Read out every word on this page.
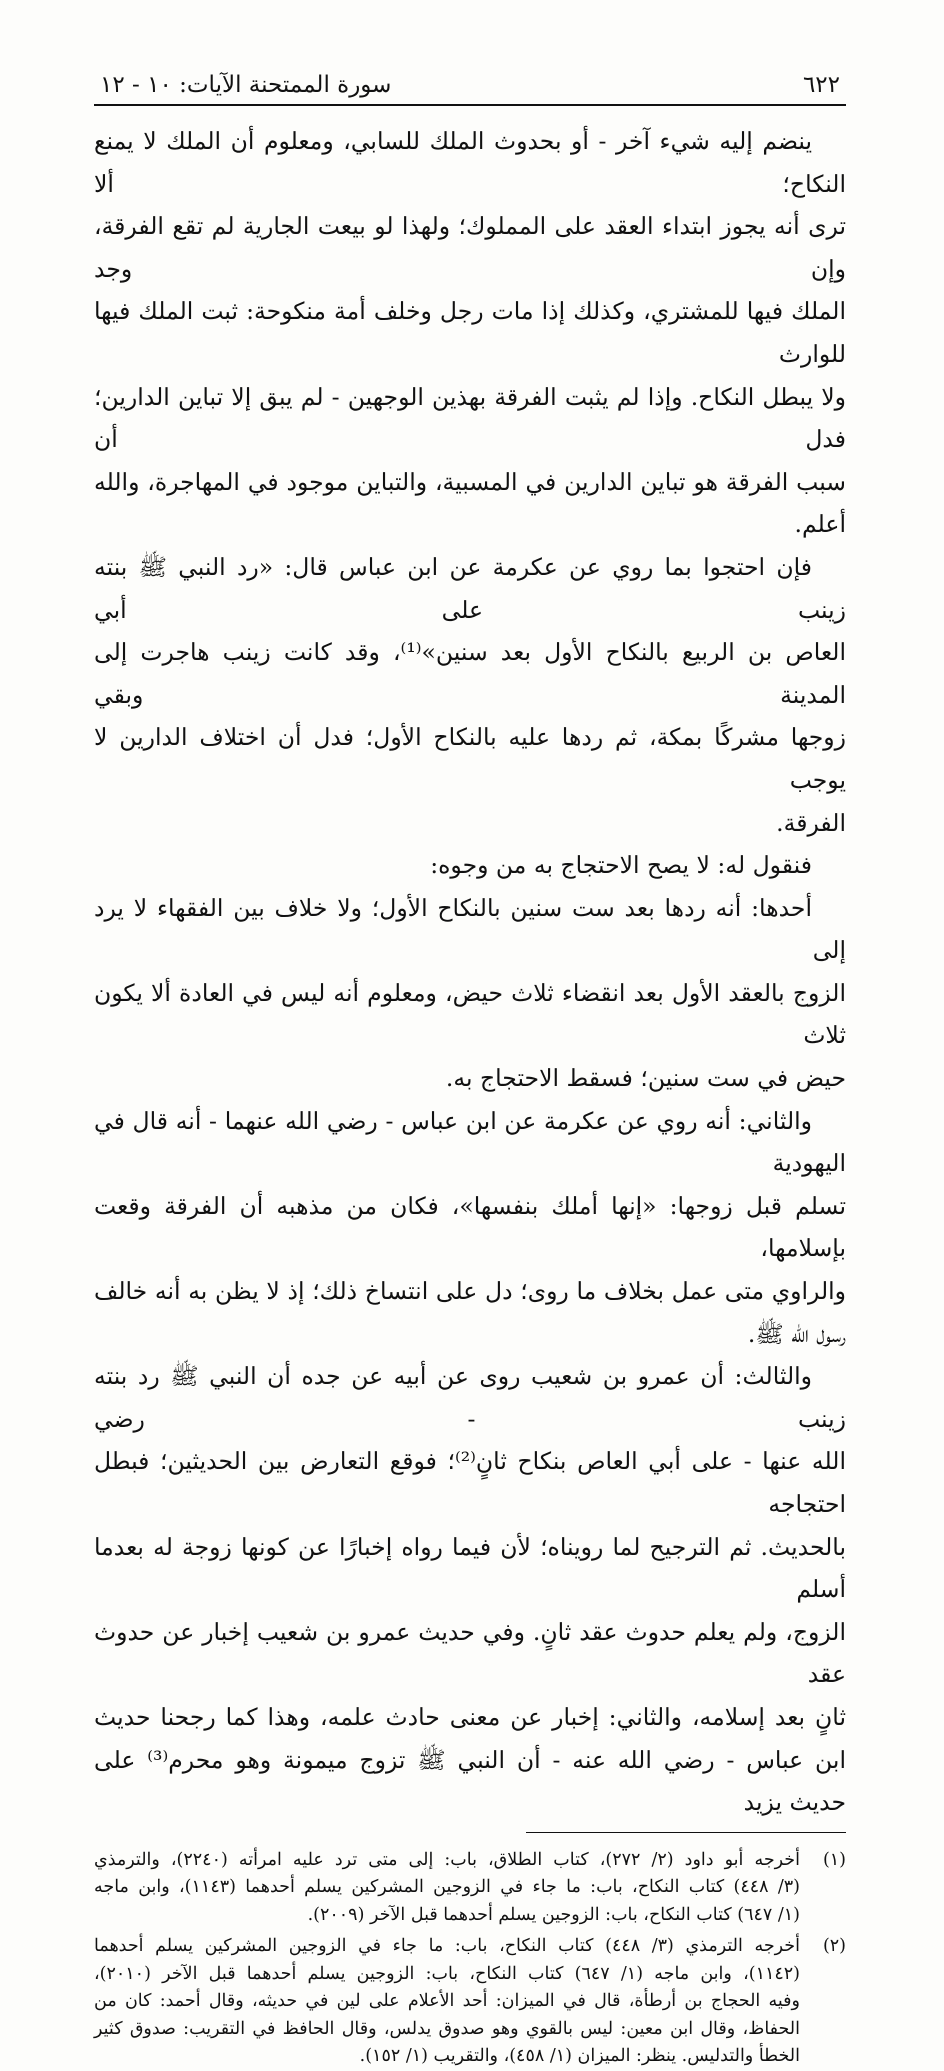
٦٢٢
سورة الممتحنة الآيات: ١٠ - ١٢

ينضم إليه شيء آخر - أو بحدوث الملك للسابي، ومعلوم أن الملك لا يمنع النكاح؛ ألا

ترى أنه يجوز ابتداء العقد على المملوك؛ ولهذا لو بيعت الجارية لم تقع الفرقة، وإن وجد

الملك فيها للمشتري، وكذلك إذا مات رجل وخلف أمة منكوحة: ثبت الملك فيها للوارث

ولا يبطل النكاح. وإذا لم يثبت الفرقة بهذين الوجهين - لم يبق إلا تباين الدارين؛ فدل أن

سبب الفرقة هو تباين الدارين في المسبية، والتباين موجود في المهاجرة، والله أعلم.

فإن احتجوا بما روي عن عكرمة عن ابن عباس قال: «رد النبي ﷺ بنته زينب على أبي

العاص بن الربيع بالنكاح الأول بعد سنين»⁽¹⁾، وقد كانت زينب هاجرت إلى المدينة وبقي

زوجها مشركًا بمكة، ثم ردها عليه بالنكاح الأول؛ فدل أن اختلاف الدارين لا يوجب

الفرقة.

فنقول له: لا يصح الاحتجاج به من وجوه:

أحدها: أنه ردها بعد ست سنين بالنكاح الأول؛ ولا خلاف بين الفقهاء لا يرد إلى

الزوج بالعقد الأول بعد انقضاء ثلاث حيض، ومعلوم أنه ليس في العادة ألا يكون ثلاث

حيض في ست سنين؛ فسقط الاحتجاج به.

والثاني: أنه روي عن عكرمة عن ابن عباس - رضي الله عنهما - أنه قال في اليهودية

تسلم قبل زوجها: «إنها أملك بنفسها»، فكان من مذهبه أن الفرقة وقعت بإسلامها،

والراوي متى عمل بخلاف ما روى؛ دل على انتساخ ذلك؛ إذ لا يظن به أنه خالف

رسول الله ﷺ.

والثالث: أن عمرو بن شعيب روى عن أبيه عن جده أن النبي ﷺ رد بنته زينب - رضي

الله عنها - على أبي العاص بنكاح ثانٍ⁽²⁾؛ فوقع التعارض بين الحديثين؛ فبطل احتجاجه

بالحديث. ثم الترجيح لما رويناه؛ لأن فيما رواه إخبارًا عن كونها زوجة له بعدما أسلم

الزوج، ولم يعلم حدوث عقد ثانٍ. وفي حديث عمرو بن شعيب إخبار عن حدوث عقد

ثانٍ بعد إسلامه، والثاني: إخبار عن معنى حادث علمه، وهذا كما رجحنا حديث

ابن عباس - رضي الله عنه - أن النبي ﷺ تزوج ميمونة وهو محرم⁽³⁾ على حديث يزيد

(١)
أخرجه أبو داود (٢/ ٢٧٢)، كتاب الطلاق، باب: إلى متى ترد عليه امرأته (٢٢٤٠)، والترمذي
(٣/ ٤٤٨) كتاب النكاح، باب: ما جاء في الزوجين المشركين يسلم أحدهما (١١٤٣)، وابن ماجه
(١/ ٦٤٧) كتاب النكاح، باب: الزوجين يسلم أحدهما قبل الآخر (٢٠٠٩).
(٢)
أخرجه الترمذي (٣/ ٤٤٨) كتاب النكاح، باب: ما جاء في الزوجين المشركين يسلم أحدهما
(١١٤٢)، وابن ماجه (١/ ٦٤٧) كتاب النكاح، باب: الزوجين يسلم أحدهما قبل الآخر (٢٠١٠)،
وفيه الحجاج بن أرطأة، قال في الميزان: أحد الأعلام على لين في حديثه، وقال أحمد: كان من
الحفاظ، وقال ابن معين: ليس بالقوي وهو صدوق يدلس، وقال الحافظ في التقريب: صدوق كثير
الخطأ والتدليس. ينظر: الميزان (١/ ٤٥٨)، والتقريب (١/ ١٥٢).
